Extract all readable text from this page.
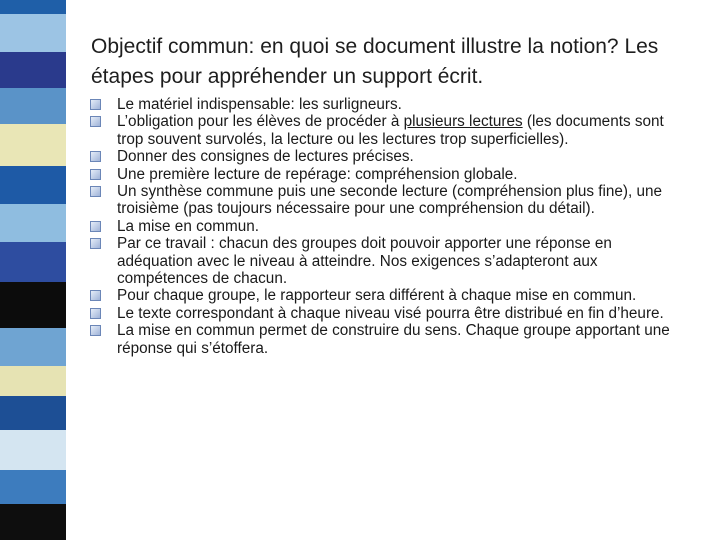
Objectif commun: en quoi se document illustre la notion? Les étapes pour appréhender un support écrit.
Le matériel indispensable: les surligneurs.
L’obligation pour les élèves de procéder à plusieurs lectures (les documents sont trop souvent survolés, la lecture ou les lectures trop superficielles).
Donner des consignes de lectures précises.
Une première lecture de repérage: compréhension globale.
Un synthèse commune puis une seconde lecture (compréhension plus fine), une troisième (pas toujours nécessaire pour une compréhension du détail).
La mise en commun.
Par ce travail : chacun des groupes doit pouvoir apporter une réponse en adéquation avec le niveau à atteindre. Nos exigences s’adapteront aux compétences de chacun.
Pour chaque groupe, le rapporteur sera différent à chaque mise en commun.
Le texte correspondant à chaque niveau visé pourra être distribué en fin d’heure.
La mise en commun permet de construire du sens. Chaque groupe apportant une réponse qui s’étoffera.
